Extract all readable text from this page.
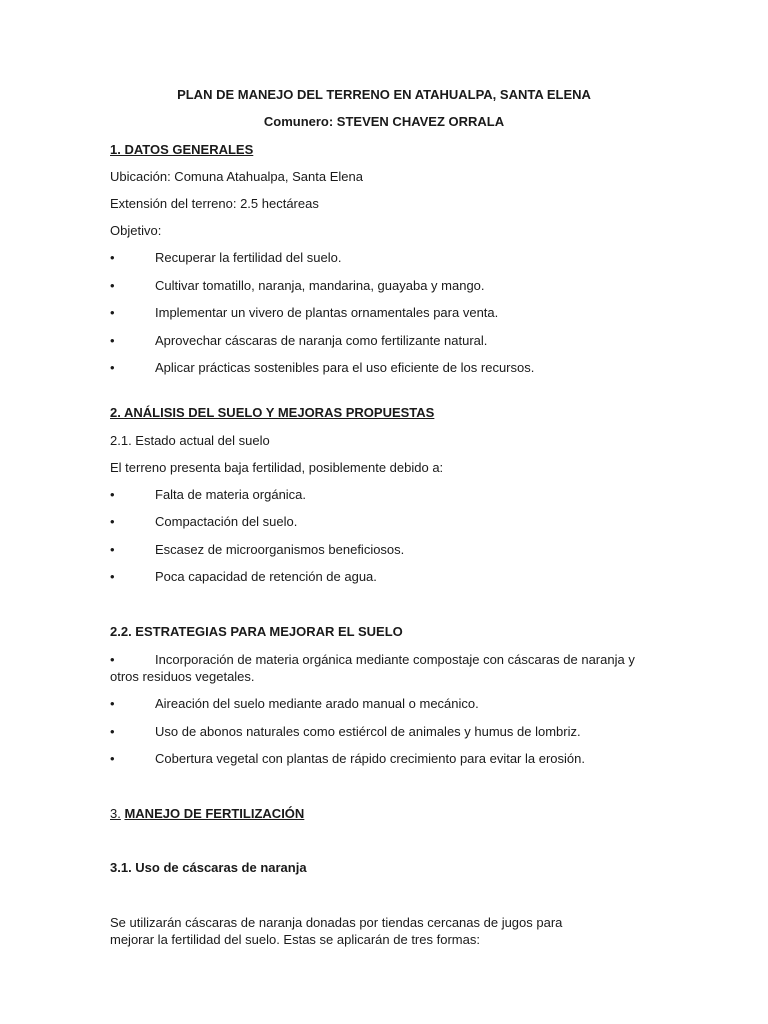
PLAN DE MANEJO DEL TERRENO EN ATAHUALPA, SANTA ELENA
Comunero: STEVEN CHAVEZ ORRALA
1. DATOS GENERALES
Ubicación: Comuna Atahualpa, Santa Elena
Extensión del terreno: 2.5 hectáreas
Objetivo:
•	Recuperar la fertilidad del suelo.
•	Cultivar tomatillo, naranja, mandarina, guayaba y mango.
•	Implementar un vivero de plantas ornamentales para venta.
•	Aprovechar cáscaras de naranja como fertilizante natural.
•	Aplicar prácticas sostenibles para el uso eficiente de los recursos.
2. ANÁLISIS DEL SUELO Y MEJORAS PROPUESTAS
2.1. Estado actual del suelo
El terreno presenta baja fertilidad, posiblemente debido a:
•	Falta de materia orgánica.
•	Compactación del suelo.
•	Escasez de microorganismos beneficiosos.
•	Poca capacidad de retención de agua.
2.2. ESTRATEGIAS PARA MEJORAR EL SUELO
•	Incorporación de materia orgánica mediante compostaje con cáscaras de naranja y otros residuos vegetales.
•	Aireación del suelo mediante arado manual o mecánico.
•	Uso de abonos naturales como estiércol de animales y humus de lombriz.
•	Cobertura vegetal con plantas de rápido crecimiento para evitar la erosión.
3. MANEJO DE FERTILIZACIÓN
3.1. Uso de cáscaras de naranja
Se utilizarán cáscaras de naranja donadas por tiendas cercanas de jugos para mejorar la fertilidad del suelo. Estas se aplicarán de tres formas:
